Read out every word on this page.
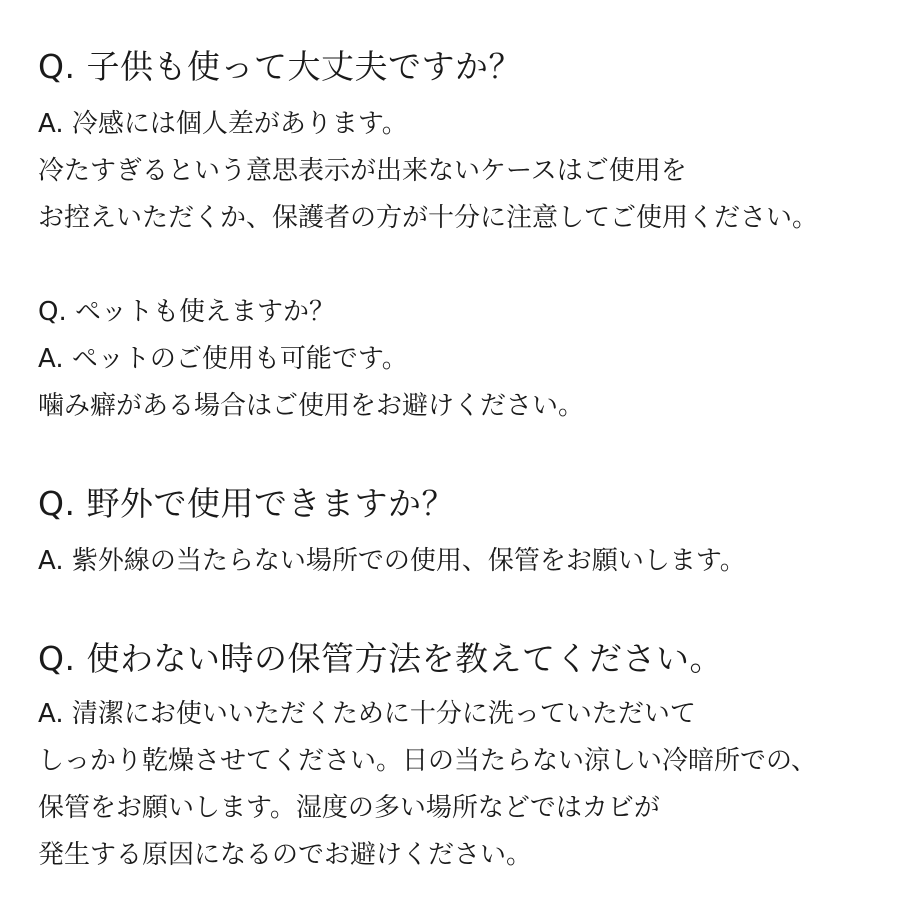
Q. 子供も使って大丈夫ですか？
A. 冷感には個人差があります。
冷たすぎるという意思表示が出来ないケースはご使用を
お控えいただくか、保護者の方が十分に注意してご使用ください。
Q. ペットも使えますか？
A. ペットのご使用も可能です。
噛み癖がある場合はご使用をお避けください。
Q. 野外で使用できますか？
A. 紫外線の当たらない場所での使用、保管をお願いします。
Q. 使わない時の保管方法を教えてください。
A. 清潔にお使いいただくために十分に洗っていただいて
しっかり乾燥させてください。日の当たらない涼しい冷暗所での、
保管をお願いします。湿度の多い場所などではカビが
発生する原因になるのでお避けください。
